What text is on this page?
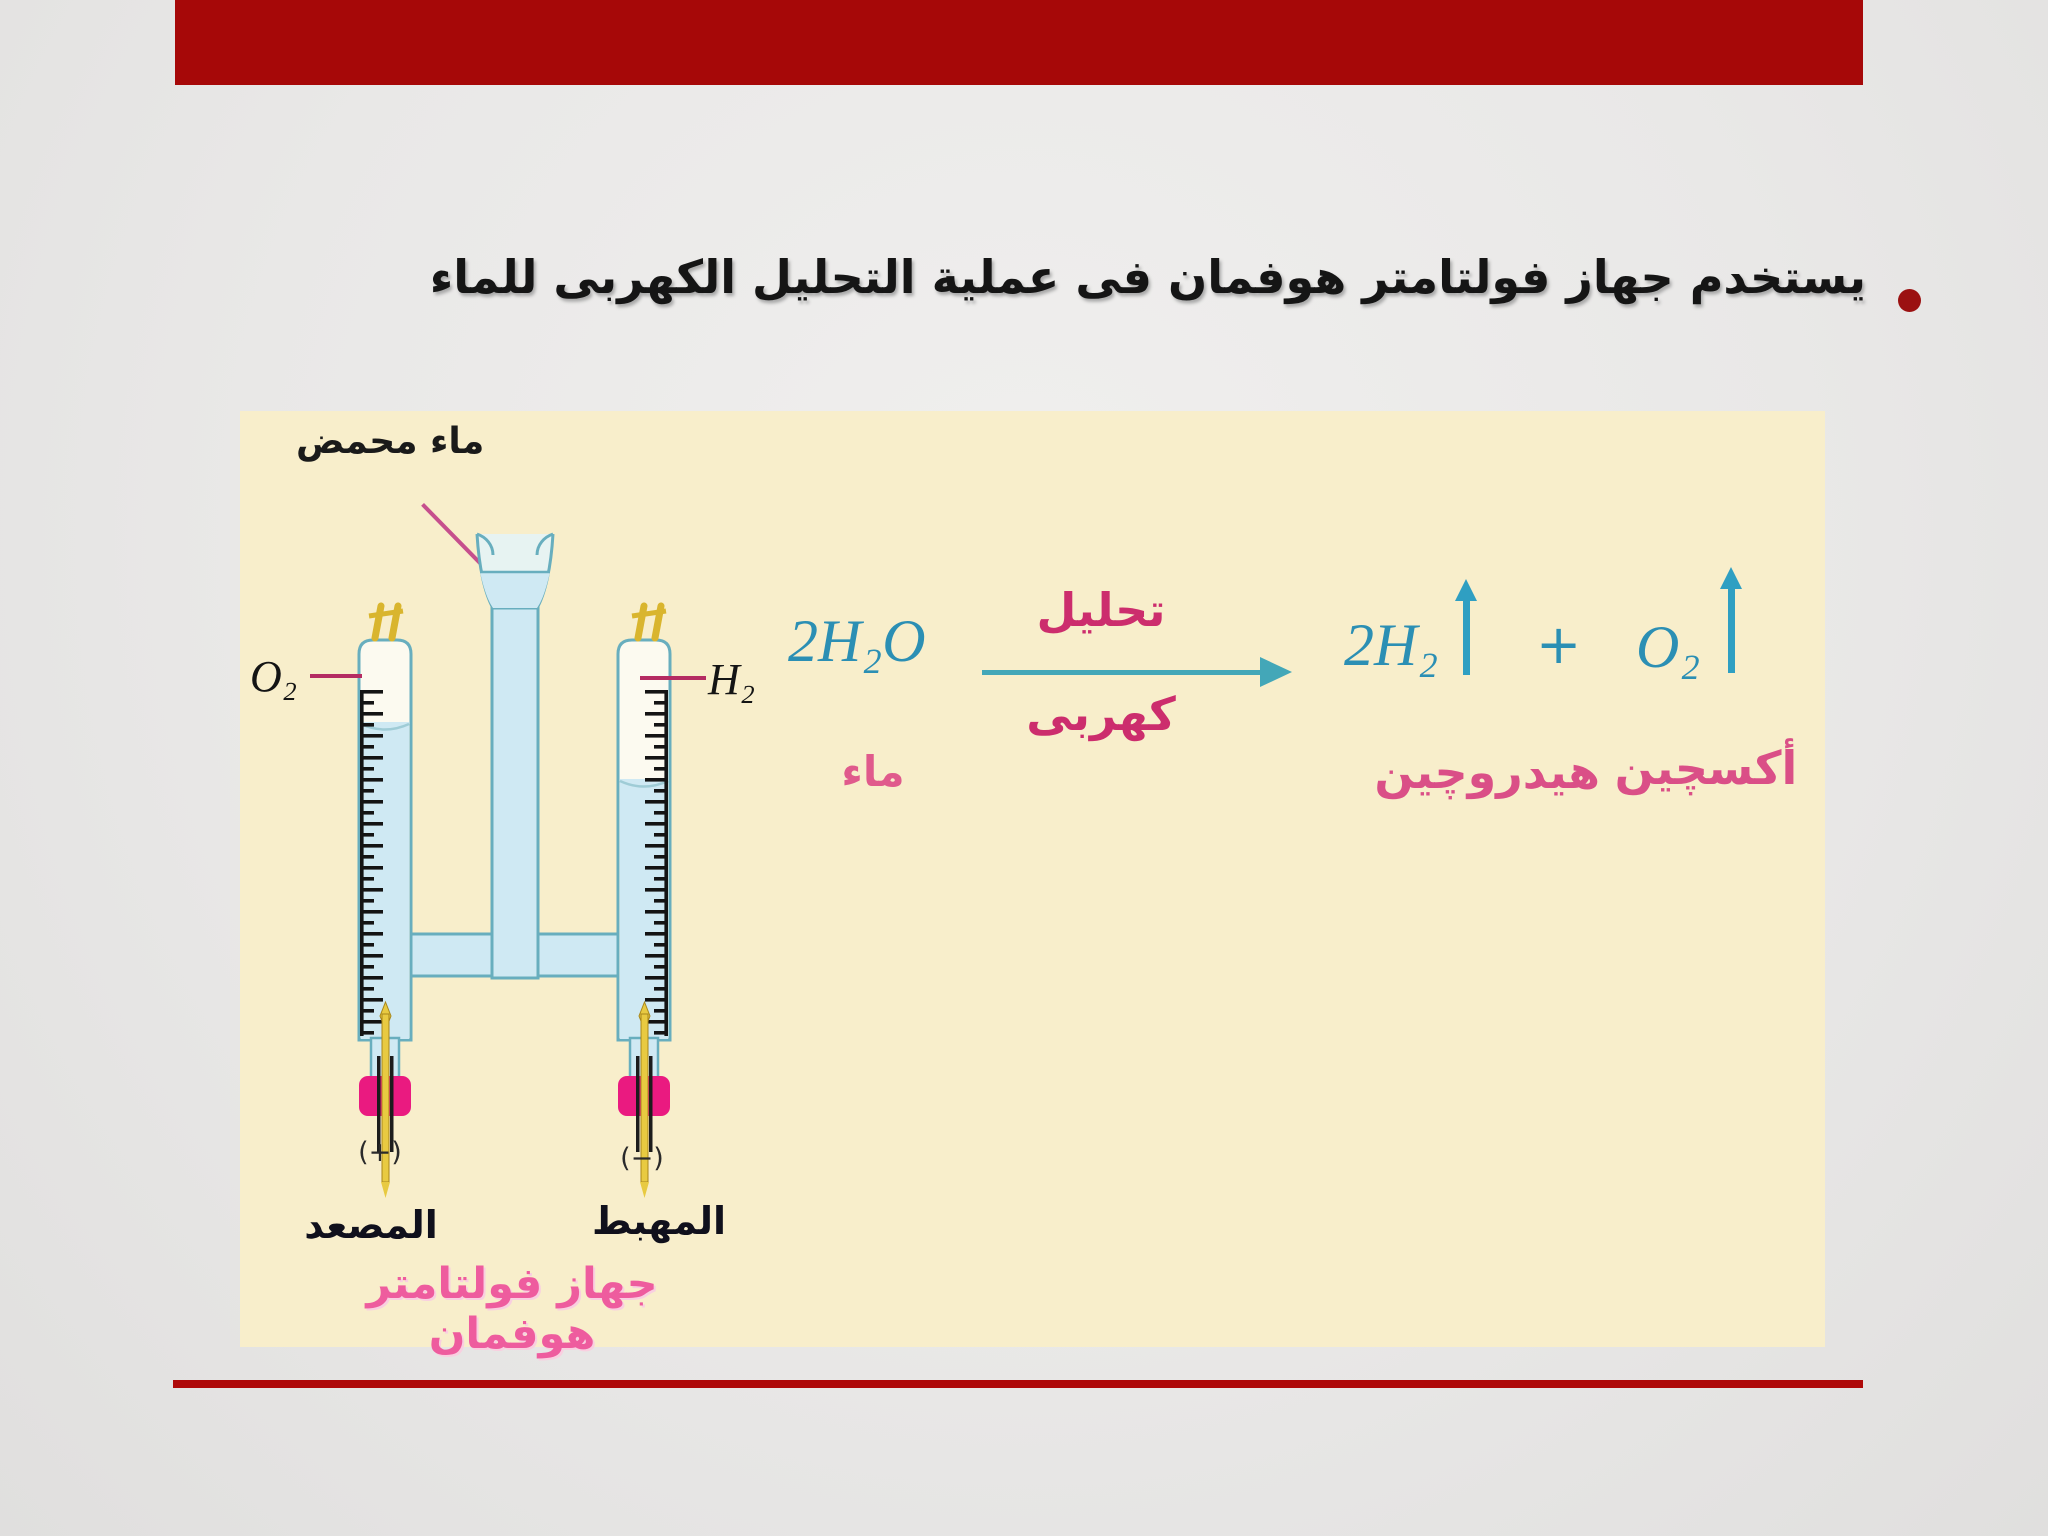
يستخدم جهاز فولتامتر هوفمان فى عملية التحليل الكهربى للماء
ماء محمض
O₂	H₂
2H₂O
ماء
تحليل
كهربى
2H₂ + O₂
هيدروچين أكسچين
(+)	(−)
المصعد	المهبط
جهاز فولتامتر هوفمان
